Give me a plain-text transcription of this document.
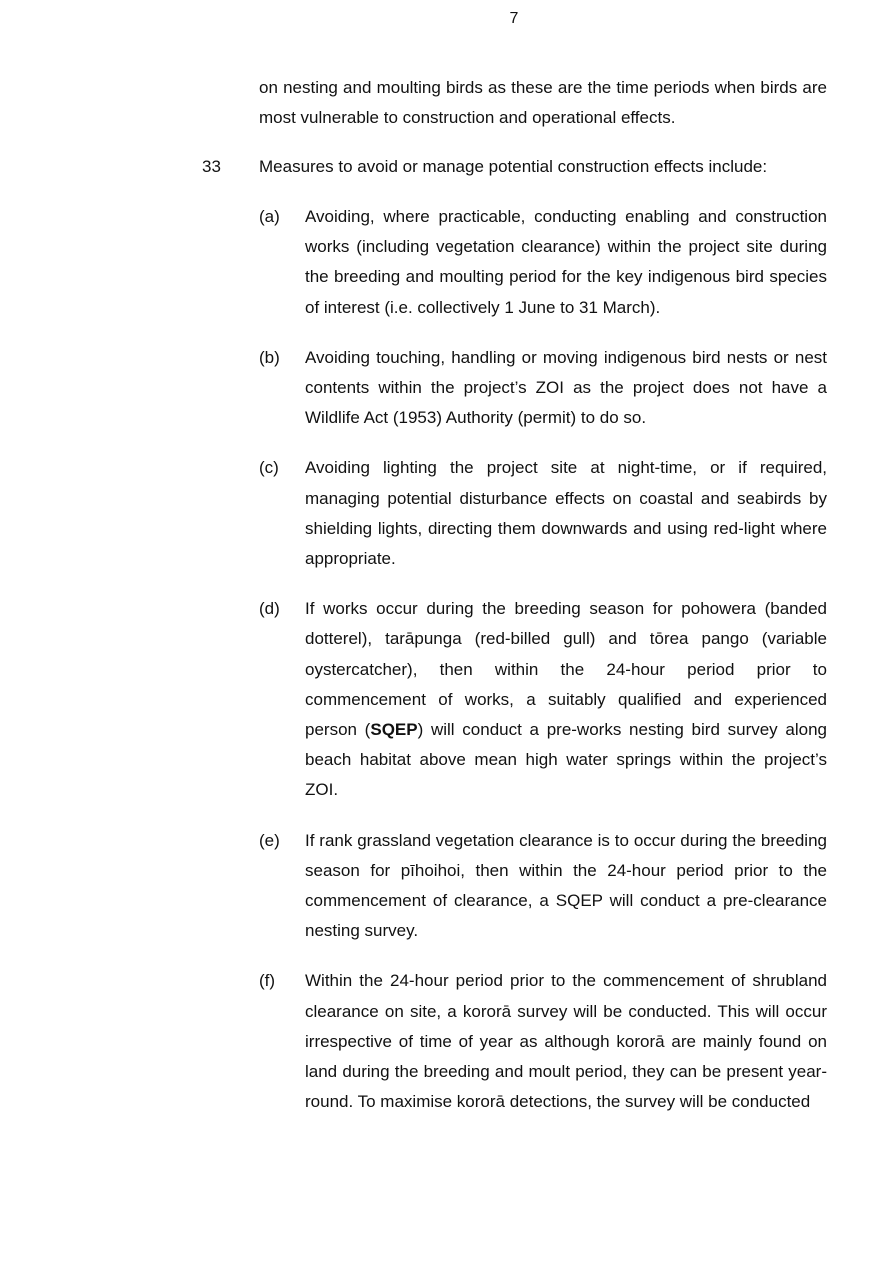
7
on nesting and moulting birds as these are the time periods when birds are most vulnerable to construction and operational effects.
33 Measures to avoid or manage potential construction effects include:
(a) Avoiding, where practicable, conducting enabling and construction works (including vegetation clearance) within the project site during the breeding and moulting period for the key indigenous bird species of interest (i.e. collectively 1 June to 31 March).
(b) Avoiding touching, handling or moving indigenous bird nests or nest contents within the project’s ZOI as the project does not have a Wildlife Act (1953) Authority (permit) to do so.
(c) Avoiding lighting the project site at night-time, or if required, managing potential disturbance effects on coastal and seabirds by shielding lights, directing them downwards and using red-light where appropriate.
(d) If works occur during the breeding season for pohowera (banded dotterel), tarāpunga (red-billed gull) and tōrea pango (variable oystercatcher), then within the 24-hour period prior to commencement of works, a suitably qualified and experienced person (SQEP) will conduct a pre-works nesting bird survey along beach habitat above mean high water springs within the project’s ZOI.
(e) If rank grassland vegetation clearance is to occur during the breeding season for pīhoihoi, then within the 24-hour period prior to the commencement of clearance, a SQEP will conduct a pre-clearance nesting survey.
(f) Within the 24-hour period prior to the commencement of shrubland clearance on site, a kororā survey will be conducted. This will occur irrespective of time of year as although kororā are mainly found on land during the breeding and moult period, they can be present year-round. To maximise kororā detections, the survey will be conducted
